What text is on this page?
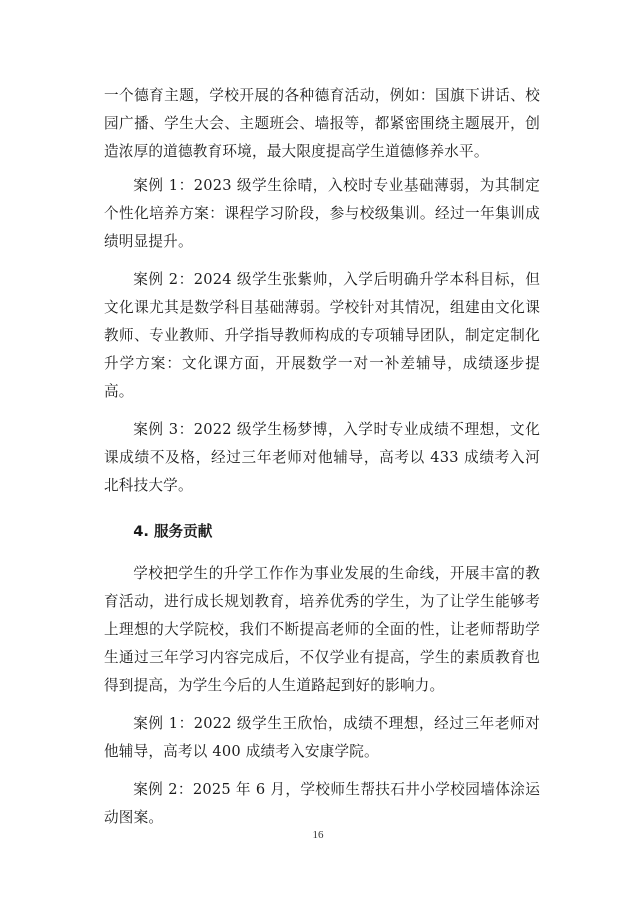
一个德育主题，学校开展的各种德育活动，例如：国旗下讲话、校园广播、学生大会、主题班会、墙报等，都紧密围绕主题展开，创造浓厚的道德教育环境，最大限度提高学生道德修养水平。

案例 1：2023 级学生徐晴，入校时专业基础薄弱，为其制定个性化培养方案：课程学习阶段，参与校级集训。经过一年集训成绩明显提升。

案例 2：2024 级学生张紫帅，入学后明确升学本科目标，但文化课尤其是数学科目基础薄弱。学校针对其情况，组建由文化课教师、专业教师、升学指导教师构成的专项辅导团队，制定定制化升学方案：文化课方面，开展数学一对一补差辅导，成绩逐步提高。

案例 3：2022 级学生杨梦博，入学时专业成绩不理想，文化课成绩不及格，经过三年老师对他辅导，高考以 433 成绩考入河北科技大学。

4. 服务贡献

学校把学生的升学工作作为事业发展的生命线，开展丰富的教育活动，进行成长规划教育，培养优秀的学生，为了让学生能够考上理想的大学院校，我们不断提高老师的全面的性，让老师帮助学生通过三年学习内容完成后，不仅学业有提高，学生的素质教育也得到提高，为学生今后的人生道路起到好的影响力。

案例 1：2022 级学生王欣怡，成绩不理想，经过三年老师对他辅导，高考以 400 成绩考入安康学院。

案例 2：2025 年 6 月，学校师生帮扶石井小学校园墙体涂运动图案。

16
